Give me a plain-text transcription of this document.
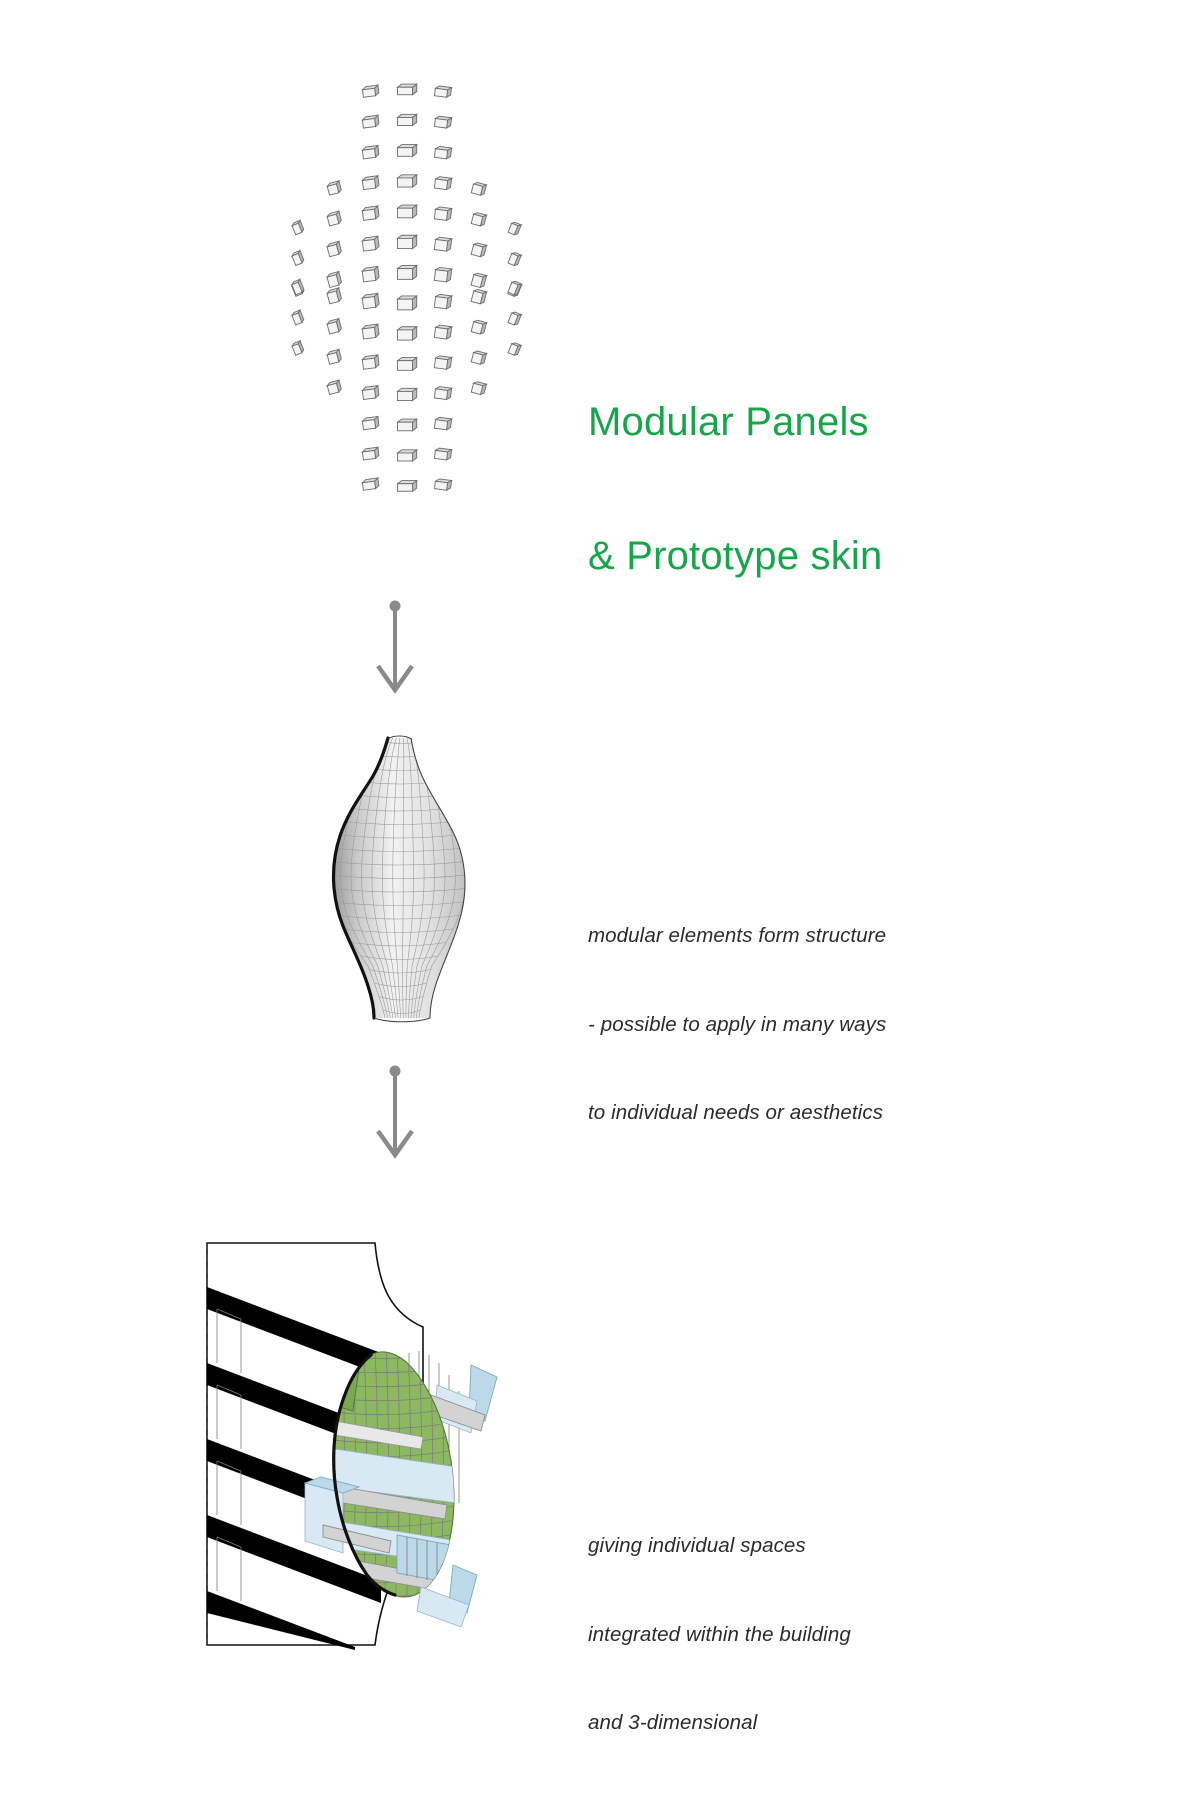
Modular Panels

& Prototype skin

modular elements form structure

- possible to apply in many ways

to individual needs or aesthetics

giving individual spaces

integrated within the building

and 3-dimensional
